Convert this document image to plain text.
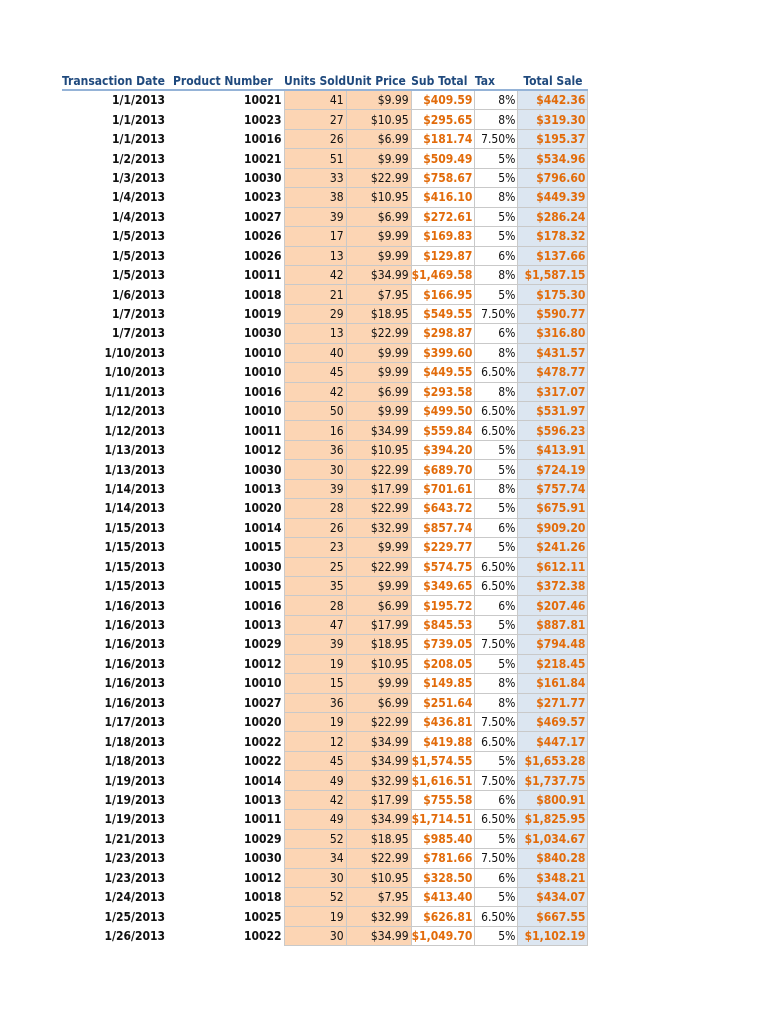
Transaction Date	Product Number	Units Sold	Unit Price	Sub Total	Tax	Total Sale
1/1/2013	10021	41	$9.99	$409.59	8%	$442.36
1/1/2013	10023	27	$10.95	$295.65	8%	$319.30
1/1/2013	10016	26	$6.99	$181.74	7.50%	$195.37
1/2/2013	10021	51	$9.99	$509.49	5%	$534.96
1/3/2013	10030	33	$22.99	$758.67	5%	$796.60
1/4/2013	10023	38	$10.95	$416.10	8%	$449.39
1/4/2013	10027	39	$6.99	$272.61	5%	$286.24
1/5/2013	10026	17	$9.99	$169.83	5%	$178.32
1/5/2013	10026	13	$9.99	$129.87	6%	$137.66
1/5/2013	10011	42	$34.99	$1,469.58	8%	$1,587.15
1/6/2013	10018	21	$7.95	$166.95	5%	$175.30
1/7/2013	10019	29	$18.95	$549.55	7.50%	$590.77
1/7/2013	10030	13	$22.99	$298.87	6%	$316.80
1/10/2013	10010	40	$9.99	$399.60	8%	$431.57
1/10/2013	10010	45	$9.99	$449.55	6.50%	$478.77
1/11/2013	10016	42	$6.99	$293.58	8%	$317.07
1/12/2013	10010	50	$9.99	$499.50	6.50%	$531.97
1/12/2013	10011	16	$34.99	$559.84	6.50%	$596.23
1/13/2013	10012	36	$10.95	$394.20	5%	$413.91
1/13/2013	10030	30	$22.99	$689.70	5%	$724.19
1/14/2013	10013	39	$17.99	$701.61	8%	$757.74
1/14/2013	10020	28	$22.99	$643.72	5%	$675.91
1/15/2013	10014	26	$32.99	$857.74	6%	$909.20
1/15/2013	10015	23	$9.99	$229.77	5%	$241.26
1/15/2013	10030	25	$22.99	$574.75	6.50%	$612.11
1/15/2013	10015	35	$9.99	$349.65	6.50%	$372.38
1/16/2013	10016	28	$6.99	$195.72	6%	$207.46
1/16/2013	10013	47	$17.99	$845.53	5%	$887.81
1/16/2013	10029	39	$18.95	$739.05	7.50%	$794.48
1/16/2013	10012	19	$10.95	$208.05	5%	$218.45
1/16/2013	10010	15	$9.99	$149.85	8%	$161.84
1/16/2013	10027	36	$6.99	$251.64	8%	$271.77
1/17/2013	10020	19	$22.99	$436.81	7.50%	$469.57
1/18/2013	10022	12	$34.99	$419.88	6.50%	$447.17
1/18/2013	10022	45	$34.99	$1,574.55	5%	$1,653.28
1/19/2013	10014	49	$32.99	$1,616.51	7.50%	$1,737.75
1/19/2013	10013	42	$17.99	$755.58	6%	$800.91
1/19/2013	10011	49	$34.99	$1,714.51	6.50%	$1,825.95
1/21/2013	10029	52	$18.95	$985.40	5%	$1,034.67
1/23/2013	10030	34	$22.99	$781.66	7.50%	$840.28
1/23/2013	10012	30	$10.95	$328.50	6%	$348.21
1/24/2013	10018	52	$7.95	$413.40	5%	$434.07
1/25/2013	10025	19	$32.99	$626.81	6.50%	$667.55
1/26/2013	10022	30	$34.99	$1,049.70	5%	$1,102.19
